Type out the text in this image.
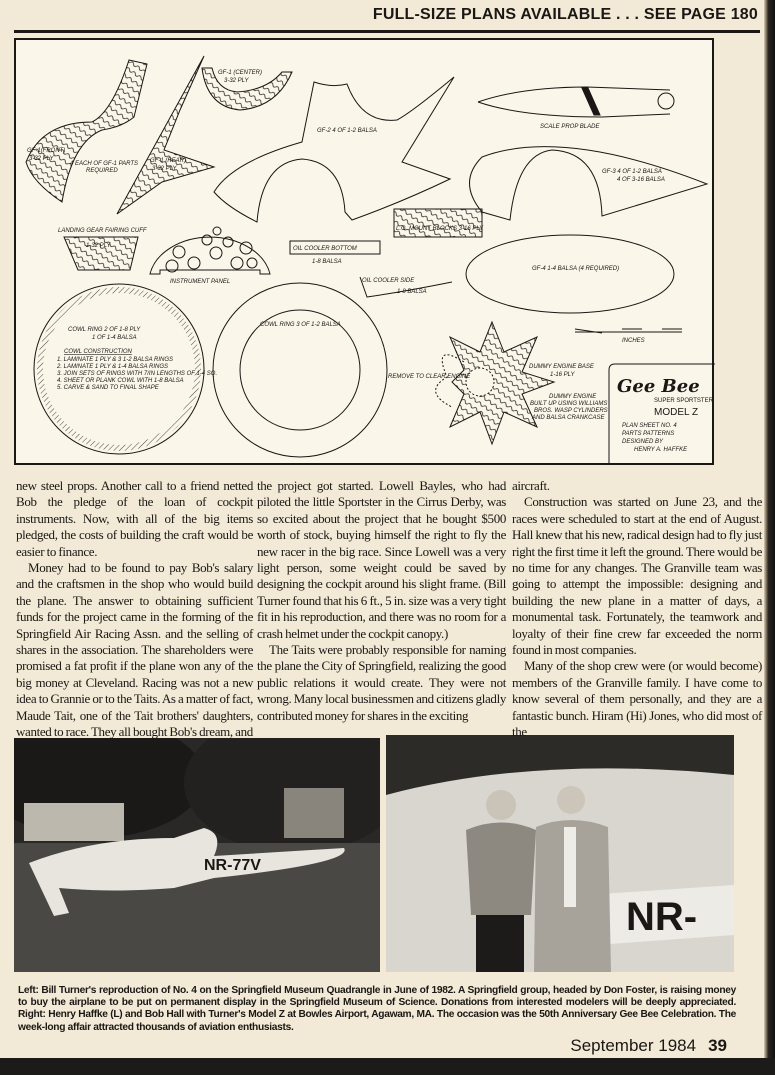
FULL-SIZE PLANS AVAILABLE . . . SEE PAGE 180
GF-1(FRONT)
3-32 PLY
4 EACH OF GF-1 PARTS
REQUIRED
GF-1 (REAR)
3-32 PLY
GF-1 (CENTER)
3-32 PLY
GF-2 4 OF 1-2 BALSA
SCALE PROP BLADE
GF-3 4 OF 1-2 BALSA
4 OF 3-16 BALSA
L.G. MOUNT BLOCKS 3-16 PLY
GF-4 1-4 BALSA (4 REQUIRED)
LANDING GEAR FAIRING CUFF
1-32 PLY
INSTRUMENT PANEL
OIL COOLER BOTTOM
1-8 BALSA
OIL COOLER SIDE
1-8 BALSA
COWL RING 2 OF 1-8 PLY
1 OF 1-4 BALSA
COWL CONSTRUCTION
1. LAMINATE 1 PLY & 3 1-2 BALSA RINGS
2. LAMINATE 1 PLY & 1-4 BALSA RINGS
3. JOIN SETS OF RINGS WITH 7/IN LENGTHS OF 1-4 SQ.
4. SHEET OR PLANK COWL WITH 1-8 BALSA
5. CARVE & SAND TO FINAL SHAPE
COWL RING 3 OF 1-2 BALSA
REMOVE TO CLEAR ENGINE
DUMMY ENGINE BASE
1-16 PLY
DUMMY ENGINE
BUILT UP USING WILLIAMS
BROS. WASP CYLINDERS
AND BALSA CRANKCASE
INCHES
Gee Bee
SUPER SPORTSTER
MODEL Z
PLAN SHEET NO. 4
PARTS PATTERNS
DESIGNED BY
HENRY A. HAFFKE

new steel props. Another call to a friend netted Bob the pledge of the loan of cockpit instruments. Now, with all of the big items pledged, the costs of building the craft would be easier to finance.

Money had to be found to pay Bob's salary and the craftsmen in the shop who would build the plane. The answer to obtaining sufficient funds for the project came in the forming of the Springfield Air Racing Assn. and the selling of shares in the association. The shareholders were promised a fat profit if the plane won any of the big money at Cleveland. Racing was not a new idea to Grannie or to the Taits. As a matter of fact, Maude Tait, one of the Tait brothers' daughters, wanted to race. They all bought Bob's dream, and

the project got started. Lowell Bayles, who had piloted the little Sportster in the Cirrus Derby, was so excited about the project that he bought $500 worth of stock, buying himself the right to fly the new racer in the big race. Since Lowell was a very light person, some weight could be saved by designing the cockpit around his slight frame. (Bill Turner found that his 6 ft., 5 in. size was a very tight fit in his reproduction, and there was no room for a crash helmet under the cockpit canopy.)

The Taits were probably responsible for naming the plane the City of Springfield, realizing the good public relations it would create. They were not wrong. Many local businessmen and citizens gladly contributed money for shares in the exciting

aircraft.

Construction was started on June 23, and the races were scheduled to start at the end of August. Hall knew that his new, radical design had to fly just right the first time it left the ground. There would be no time for any changes. The Granville team was going to attempt the impossible: designing and building the new plane in a matter of days, a monumental task. Fortunately, the teamwork and loyalty of their fine crew far exceeded the norm found in most companies.

Many of the shop crew were (or would become) members of the Granville family. I have come to know several of them personally, and they are a fantastic bunch. Hiram (Hi) Jones, who did most of the

NR-77V
NR-
Left: Bill Turner's reproduction of No. 4 on the Springfield Museum Quadrangle in June of 1982. A Springfield group, headed by Don Foster, is raising money to buy the airplane to be put on permanent display in the Springfield Museum of Science. Donations from interested modelers will be deeply appreciated. Right: Henry Haffke (L) and Bob Hall with Turner's Model Z at Bowles Airport, Agawam, MA. The occasion was the 50th Anniversary Gee Bee Celebration. The week-long affair attracted thousands of aviation enthusiasts.
September 1984 39
